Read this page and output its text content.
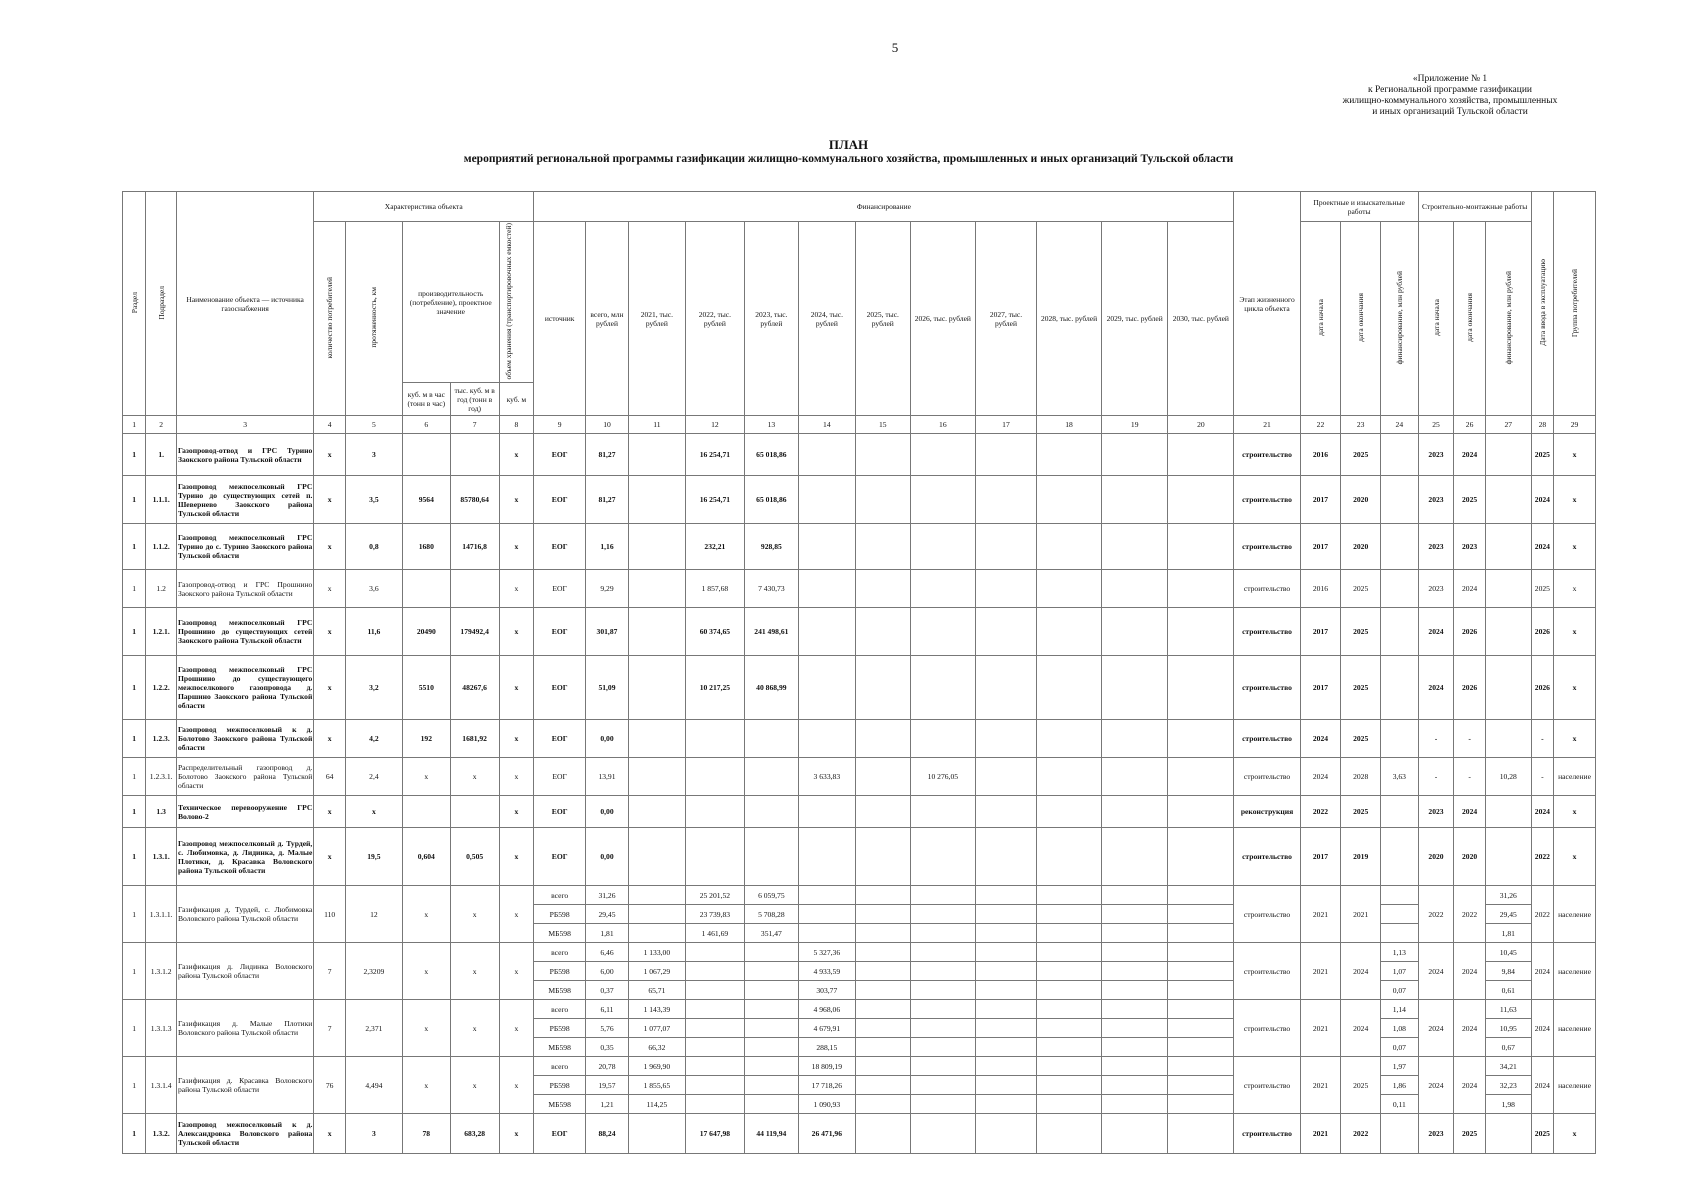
5
«Приложение № 1
к Региональной программе газификации
жилищно-коммунального хозяйства, промышленных
и иных организаций Тульской области
ПЛАН
мероприятий региональной программы газификации жилищно-коммунального хозяйства, промышленных и иных организаций Тульской области
Раздел	Подраздел	Наименование объекта — источника газоснабжения	Характеристика объекта					Финансирование												Этап жизненного цикла объекта	Проектные и изыскательные работы			Строительно-монтажные работы			Дата ввода в эксплуатацию	Группа потребителей
			количество потребителей	протяженность, км	производительность (потребление), проектное значение		объем хранения (транспортировочных емкостей)	источник	всего, млн рублей	2021, тыс. рублей	2022, тыс. рублей	2023, тыс. рублей	2024, тыс. рублей	2025, тыс. рублей	2026, тыс. рублей	2027, тыс. рублей	2028, тыс. рублей	2029, тыс. рублей	2030, тыс. рублей		дата начала	дата окончания	финансирование, млн рублей	дата начала	дата окончания	финансирование, млн рублей		
					куб. м в час (тонн в час)	тыс. куб. м в год (тонн в год)	куб. м																					
1	2	3	4	5	6	7	8	9	10	11	12	13	14	15	16	17	18	19	20	21	22	23	24	25	26	27	28	29
1	1.	Газопровод-отвод и ГРС Турино Заокского района Тульской области	x	3			x	ЕОГ	81,27		16 254,71	65 018,86								строительство	2016	2025		2023	2024		2025	x
1	1.1.1.	Газопровод межпоселковый ГРС Турино до существующих сетей п. Шевернево Заокского района Тульской области	x	3,5	9564	85780,64	x	ЕОГ	81,27		16 254,71	65 018,86								строительство	2017	2020		2023	2025		2024	x
1	1.1.2.	Газопровод межпоселковый ГРС Турино до с. Турино Заокского района Тульской области	x	0,8	1680	14716,8	x	ЕОГ	1,16		232,21	928,85								строительство	2017	2020		2023	2023		2024	x
1	1.2	Газопровод-отвод и ГРС Прошнино Заокского района Тульской области	x	3,6			x	ЕОГ	9,29		1 857,68	7 430,73								строительство	2016	2025		2023	2024		2025	x
1	1.2.1.	Газопровод межпоселковый ГРС Прошнино до существующих сетей Заокского района Тульской области	x	11,6	20490	179492,4	x	ЕОГ	301,87		60 374,65	241 498,61								строительство	2017	2025		2024	2026		2026	x
1	1.2.2.	Газопровод межпоселковый ГРС Прошнино до существующего межпоселкового газопровода д. Паршино Заокского района Тульской области	x	3,2	5510	48267,6	x	ЕОГ	51,09		10 217,25	40 868,99								строительство	2017	2025		2024	2026		2026	x
1	1.2.3.	Газопровод межпоселковый к д. Болотово Заокского района Тульской области	x	4,2	192	1681,92	x	ЕОГ	0,00											строительство	2024	2025		-	-		-	x
1	1.2.3.1.	Распределительный газопровод д. Болотово Заокского района Тульской области	64	2,4	x	x	x	ЕОГ	13,91				3 633,83		10 276,05					строительство	2024	2028	3,63	-	-	10,28	-	население
1	1.3	Техническое перевооружение ГРС Волово-2	x	x			x	ЕОГ	0,00											реконструкция	2022	2025		2023	2024		2024	x
1	1.3.1.	Газопровод межпоселковый д. Турдей, с. Любимовка, д. Лидинка, д. Малые Плотики, д. Красавка Воловского района Тульской области	x	19,5	0,604	0,505	x	ЕОГ	0,00											строительство	2017	2019		2020	2020		2022	x
1	1.3.1.1.	Газификация д. Турдей, с. Любимовка Воловского района Тульской области	110	12	x	x	x	всего	31,26		25 201,52	6 059,75								строительство	2021	2021		2022	2022	31,26	2022	население
								РБ598	29,45		23 739,83	5 708,28														29,45		
								МБ598	1,81		1 461,69	351,47														1,81		
1	1.3.1.2	Газификация д. Лидинка Воловского района Тульской области	7	2,3209	x	x	x	всего	6,46	1 133,00			5 327,36							строительство	2021	2024	1,13	2024	2024	10,45	2024	население
								РБ598	6,00	1 067,29			4 933,59										1,07			9,84		
								МБ598	0,37	65,71			303,77										0,07			0,61		
1	1.3.1.3	Газификация д. Малые Плотики Воловского района Тульской области	7	2,371	x	x	x	всего	6,11	1 143,39			4 968,06							строительство	2021	2024	1,14	2024	2024	11,63	2024	население
								РБ598	5,76	1 077,07			4 679,91										1,08			10,95		
								МБ598	0,35	66,32			288,15										0,07			0,67		
1	1.3.1.4	Газификация д. Красавка Воловского района Тульской области	76	4,494	x	x	x	всего	20,78	1 969,90			18 809,19							строительство	2021	2025	1,97	2024	2024	34,21	2024	население
								РБ598	19,57	1 855,65			17 718,26										1,86			32,23		
								МБ598	1,21	114,25			1 090,93										0,11			1,98		
1	1.3.2.	Газопровод межпоселковый к д. Александровка Воловского района Тульской области	x	3	78	683,28	x	ЕОГ	88,24		17 647,98	44 119,94	26 471,96							строительство	2021	2022		2023	2025		2025	x
